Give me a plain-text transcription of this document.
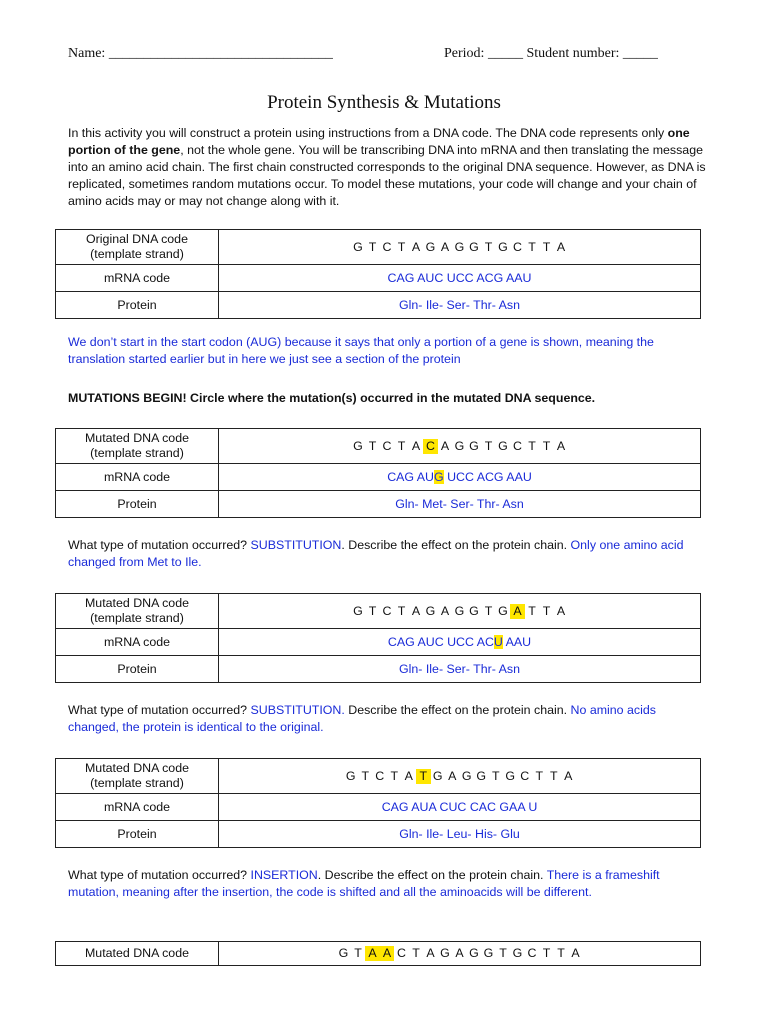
Name: ________________________________	Period: _____ Student number: _____
Protein Synthesis & Mutations
In this activity you will construct a protein using instructions from a DNA code. The DNA code represents only one portion of the gene, not the whole gene. You will be transcribing DNA into mRNA and then translating the message into an amino acid chain. The first chain constructed corresponds to the original DNA sequence. However, as DNA is replicated, sometimes random mutations occur. To model these mutations, your code will change and your chain of amino acids may or may not change along with it.
Original DNA code
(template strand)	G T C T A G A G G T G C T T A
mRNA code	CAG AUC UCC ACG AAU
Protein	Gln- Ile- Ser- Thr- Asn
We don’t start in the start codon (AUG) because it says that only a portion of a gene is shown, meaning the translation started earlier but in here we just see a section of the protein
MUTATIONS BEGIN! Circle where the mutation(s) occurred in the mutated DNA sequence.
Mutated DNA code
(template strand)	G T C T A C A G G T G C T T A
mRNA code	CAG AUG UCC ACG AAU
Protein	Gln- Met- Ser- Thr- Asn
What type of mutation occurred? SUBSTITUTION. Describe the effect on the protein chain. Only one amino acid changed from Met to Ile.
Mutated DNA code
(template strand)	G T C T A G A G G T G A T T A
mRNA code	CAG AUC UCC ACU AAU
Protein	Gln- Ile- Ser- Thr- Asn
What type of mutation occurred? SUBSTITUTION. Describe the effect on the protein chain. No amino acids changed, the protein is identical to the original.
Mutated DNA code
(template strand)	G T C T A T G A G G T G C T T A
mRNA code	CAG AUA CUC CAC GAA U
Protein	Gln- Ile- Leu- His- Glu
What type of mutation occurred? INSERTION. Describe the effect on the protein chain. There is a frameshift mutation, meaning after the insertion, the code is shifted and all the aminoacids will be different.
Mutated DNA code	G T A A C T A G A G G T G C T T A
